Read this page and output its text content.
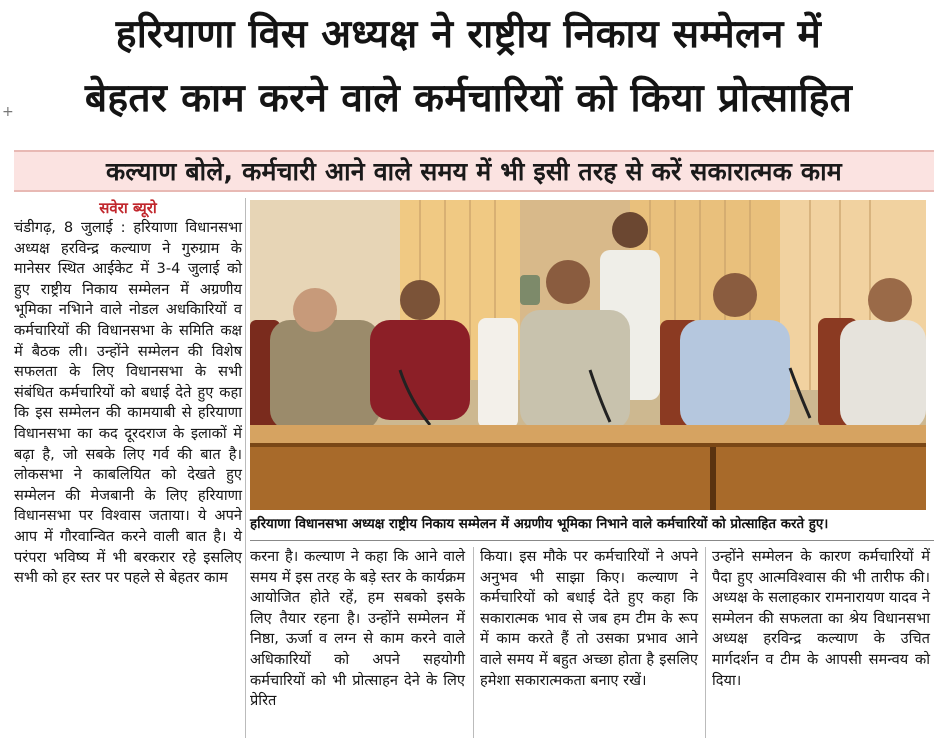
हरियाणा विस अध्यक्ष ने राष्ट्रीय निकाय सम्मेलन में
बेहतर काम करने वाले कर्मचारियों को किया प्रोत्साहित
+
कल्याण बोले, कर्मचारी आने वाले समय में भी इसी तरह से करें सकारात्मक काम
सवेरा ब्यूरो

चंडीगढ़, 8 जुलाई : हरियाणा विधानसभा अध्यक्ष हरविन्द्र कल्याण ने गुरुग्राम के मानेसर स्थित आईकेट में 3-4 जुलाई को हुए राष्ट्रीय निकाय सम्मेलन में अग्रणीय भूमिका नभिाने वाले नोडल अधकिारियों व कर्मचारियों की विधानसभा के समिति कक्ष में बैठक ली। उन्होंने सम्मेलन की विशेष सफलता के लिए विधानसभा के सभी संबंधित कर्मचारियों को बधाई देते हुए कहा कि इस सम्मेलन की कामयाबी से हरियाणा विधानसभा का कद दूरदराज के इलाकों में बढ़ा है, जो सबके लिए गर्व की बात है। लोकसभा ने काबलियित को देखते हुए सम्मेलन की मेजबानी के लिए हरियाणा विधानसभा पर विश्वास जताया। ये अपने आप में गौरवान्वित करने वाली बात है। ये परंपरा भविष्य में भी बरकरार रहे इसलिए सभी को हर स्तर पर पहले से बेहतर काम

हरियाणा विधानसभा अध्यक्ष राष्ट्रीय निकाय सम्मेलन में अग्रणीय भूमिका निभाने वाले कर्मचारियों को प्रोत्साहित करते हुए।

करना है। कल्याण ने कहा कि आने वाले समय में इस तरह के बड़े स्तर के कार्यक्रम आयोजित होते रहें, हम सबको इसके लिए तैयार रहना है। उन्होंने सम्मेलन में निष्ठा, ऊर्जा व लग्न से काम करने वाले अधिकारियों को अपने सहयोगी कर्मचारियों को भी प्रोत्साहन देने के लिए प्रेरित

किया। इस मौके पर कर्मचारियों ने अपने अनुभव भी साझा किए। कल्याण ने कर्मचारियों को बधाई देते हुए कहा कि सकारात्मक भाव से जब हम टीम के रूप में काम करते हैं तो उसका प्रभाव आने वाले समय में बहुत अच्छा होता है इसलिए हमेशा सकारात्मकता बनाए रखें।

उन्होंने सम्मेलन के कारण कर्मचारियों में पैदा हुए आत्मविश्वास की भी तारीफ की। अध्यक्ष के सलाहकार रामनारायण यादव ने सम्मेलन की सफलता का श्रेय विधानसभा अध्यक्ष हरविन्द्र कल्याण के उचित मार्गदर्शन व टीम के आपसी समन्वय को दिया।
